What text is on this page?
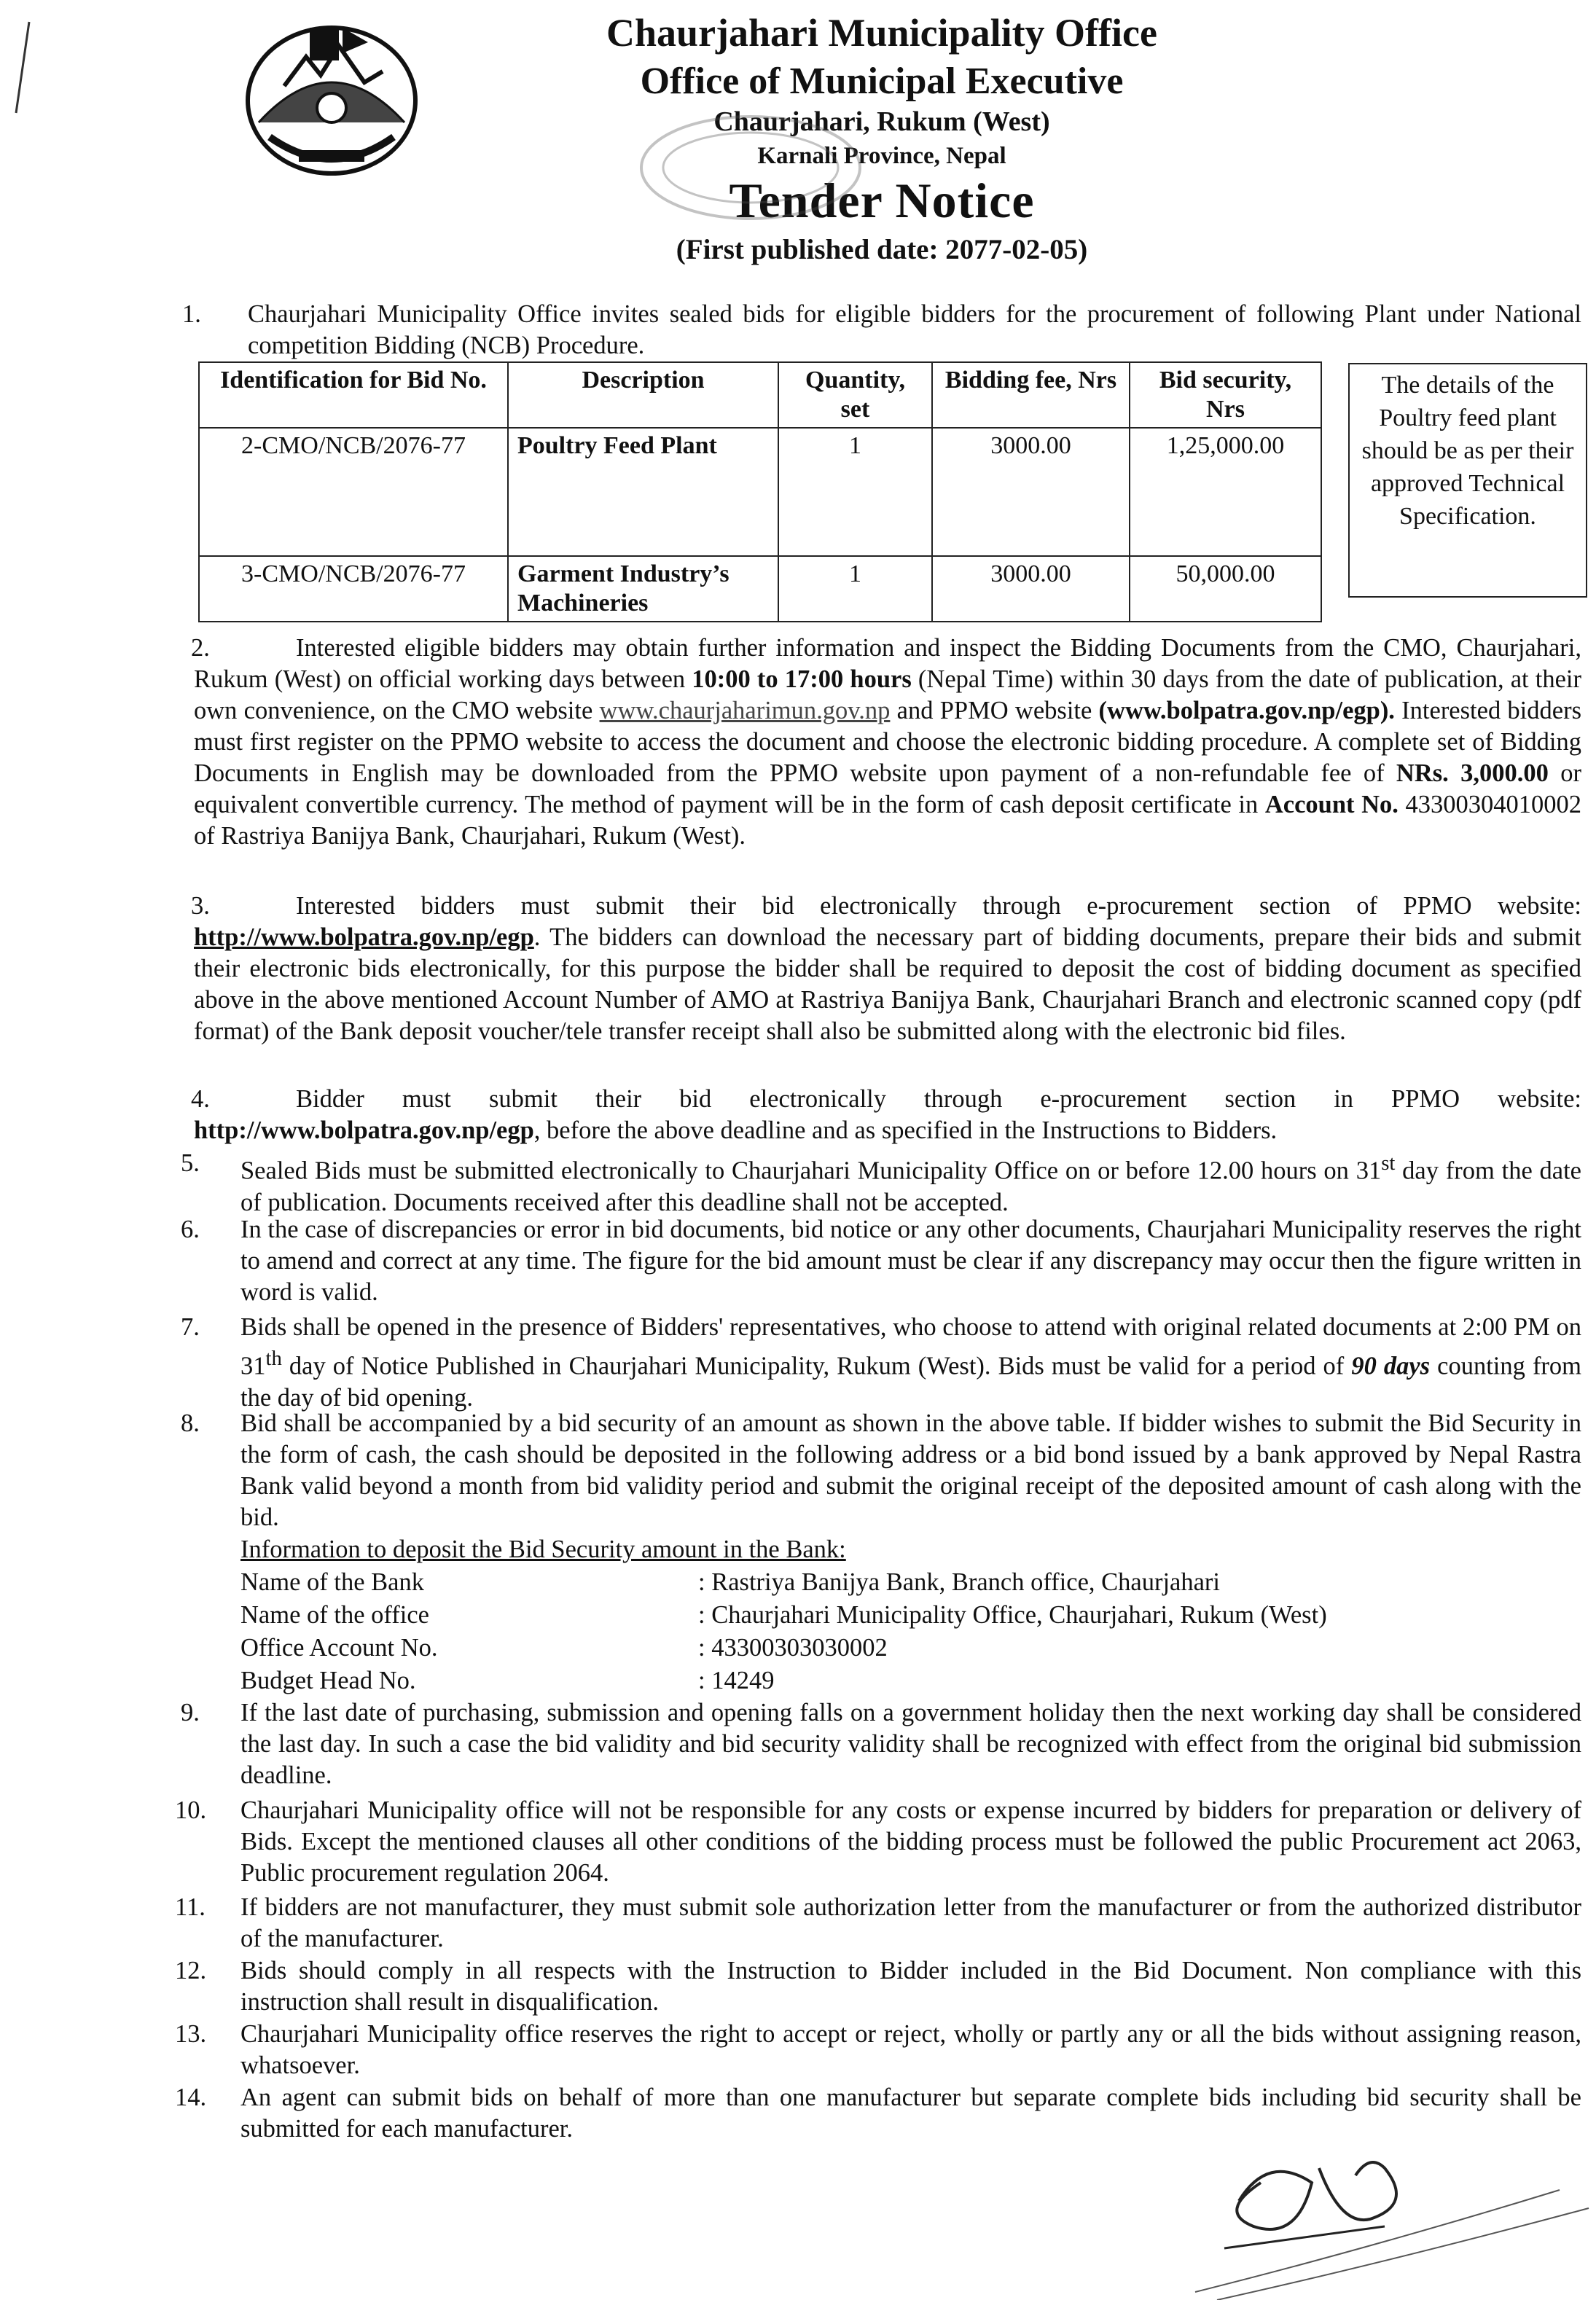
Chaurjahari Municipality Office
Office of Municipal Executive
Chaurjahari, Rukum (West)
Karnali Province, Nepal
Tender Notice
(First published date: 2077-02-05)
1. Chaurjahari Municipality Office invites sealed bids for eligible bidders for the procurement of following Plant under National competition Bidding (NCB) Procedure.
Identification for Bid No.	Description	Quantity, set	Bidding fee, Nrs	Bid security, Nrs
2-CMO/NCB/2076-77	Poultry Feed Plant	1	3000.00	1,25,000.00
3-CMO/NCB/2076-77	Garment Industry’s Machineries	1	3000.00	50,000.00
The details of the Poultry feed plant should be as per their approved Technical Specification.
2.	Interested eligible bidders may obtain further information and inspect the Bidding Documents from the CMO, Chaurjahari, Rukum (West) on official working days between 10:00 to 17:00 hours (Nepal Time) within 30 days from the date of publication, at their own convenience, on the CMO website www.chaurjaharimun.gov.np and PPMO website (www.bolpatra.gov.np/egp). Interested bidders must first register on the PPMO website to access the document and choose the electronic bidding procedure. A complete set of Bidding Documents in English may be downloaded from the PPMO website upon payment of a non-refundable fee of NRs. 3,000.00 or equivalent convertible currency. The method of payment will be in the form of cash deposit certificate in Account No. 43300304010002 of Rastriya Banijya Bank, Chaurjahari, Rukum (West).
3.	Interested bidders must submit their bid electronically through e-procurement section of PPMO website: http://www.bolpatra.gov.np/egp. The bidders can download the necessary part of bidding documents, prepare their bids and submit their electronic bids electronically, for this purpose the bidder shall be required to deposit the cost of bidding document as specified above in the above mentioned Account Number of AMO at Rastriya Banijya Bank, Chaurjahari Branch and electronic scanned copy (pdf format) of the Bank deposit voucher/tele transfer receipt shall also be submitted along with the electronic bid files.
4.	Bidder must submit their bid electronically through e-procurement section in PPMO website: http://www.bolpatra.gov.np/egp, before the above deadline and as specified in the Instructions to Bidders.
5. Sealed Bids must be submitted electronically to Chaurjahari Municipality Office on or before 12.00 hours on 31st day from the date of publication. Documents received after this deadline shall not be accepted.
6. In the case of discrepancies or error in bid documents, bid notice or any other documents, Chaurjahari Municipality reserves the right to amend and correct at any time. The figure for the bid amount must be clear if any discrepancy may occur then the figure written in word is valid.
7. Bids shall be opened in the presence of Bidders' representatives, who choose to attend with original related documents at 2:00 PM on 31th day of Notice Published in Chaurjahari Municipality, Rukum (West). Bids must be valid for a period of 90 days counting from the day of bid opening.
8. Bid shall be accompanied by a bid security of an amount as shown in the above table. If bidder wishes to submit the Bid Security in the form of cash, the cash should be deposited in the following address or a bid bond issued by a bank approved by Nepal Rastra Bank valid beyond a month from bid validity period and submit the original receipt of the deposited amount of cash along with the bid.
Information to deposit the Bid Security amount in the Bank:
Name of the Bank	: Rastriya Banijya Bank, Branch office, Chaurjahari
Name of the office	: Chaurjahari Municipality Office, Chaurjahari, Rukum (West)
Office Account No.	: 43300303030002
Budget Head No.	: 14249
9. If the last date of purchasing, submission and opening falls on a government holiday then the next working day shall be considered the last day. In such a case the bid validity and bid security validity shall be recognized with effect from the original bid submission deadline.
10. Chaurjahari Municipality office will not be responsible for any costs or expense incurred by bidders for preparation or delivery of Bids. Except the mentioned clauses all other conditions of the bidding process must be followed the public Procurement act 2063, Public procurement regulation 2064.
11. If bidders are not manufacturer, they must submit sole authorization letter from the manufacturer or from the authorized distributor of the manufacturer.
12. Bids should comply in all respects with the Instruction to Bidder included in the Bid Document. Non compliance with this instruction shall result in disqualification.
13. Chaurjahari Municipality office reserves the right to accept or reject, wholly or partly any or all the bids without assigning reason, whatsoever.
14. An agent can submit bids on behalf of more than one manufacturer but separate complete bids including bid security shall be submitted for each manufacturer.
